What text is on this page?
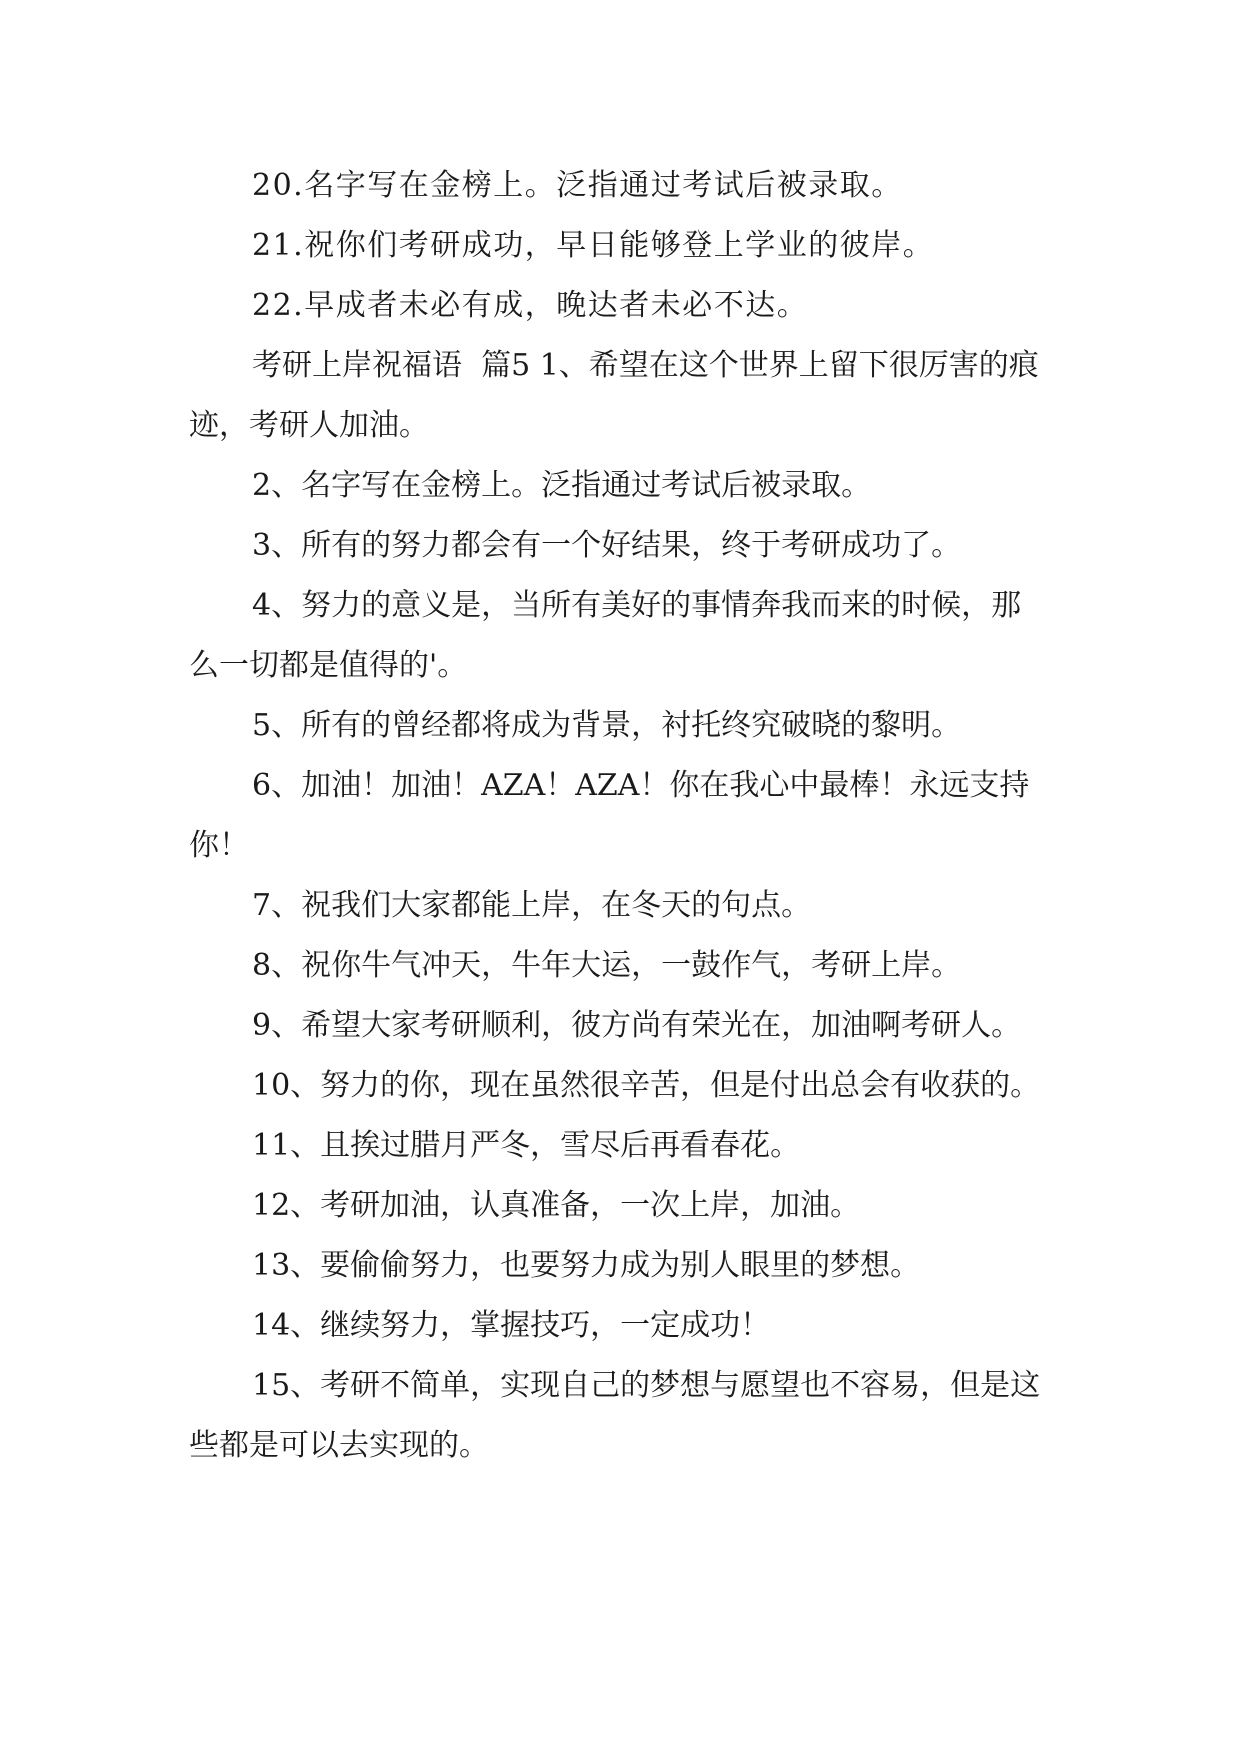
20.名字写在金榜上。泛指通过考试后被录取。

21.祝你们考研成功，早日能够登上学业的彼岸。

22.早成者未必有成，晚达者未必不达。

考研上岸祝福语  篇5 1、希望在这个世界上留下很厉害的痕迹，考研人加油。

2、名字写在金榜上。泛指通过考试后被录取。

3、所有的努力都会有一个好结果，终于考研成功了。

4、努力的意义是，当所有美好的事情奔我而来的时候，那么一切都是值得的'。

5、所有的曾经都将成为背景，衬托终究破晓的黎明。

6、加油！加油！AZA！AZA！你在我心中最棒！永远支持你！

7、祝我们大家都能上岸，在冬天的句点。

8、祝你牛气冲天，牛年大运，一鼓作气，考研上岸。

9、希望大家考研顺利，彼方尚有荣光在，加油啊考研人。

10、努力的你，现在虽然很辛苦，但是付出总会有收获的。

11、且挨过腊月严冬，雪尽后再看春花。

12、考研加油，认真准备，一次上岸，加油。

13、要偷偷努力，也要努力成为别人眼里的梦想。

14、继续努力，掌握技巧，一定成功！

15、考研不简单，实现自己的梦想与愿望也不容易，但是这些都是可以去实现的。
